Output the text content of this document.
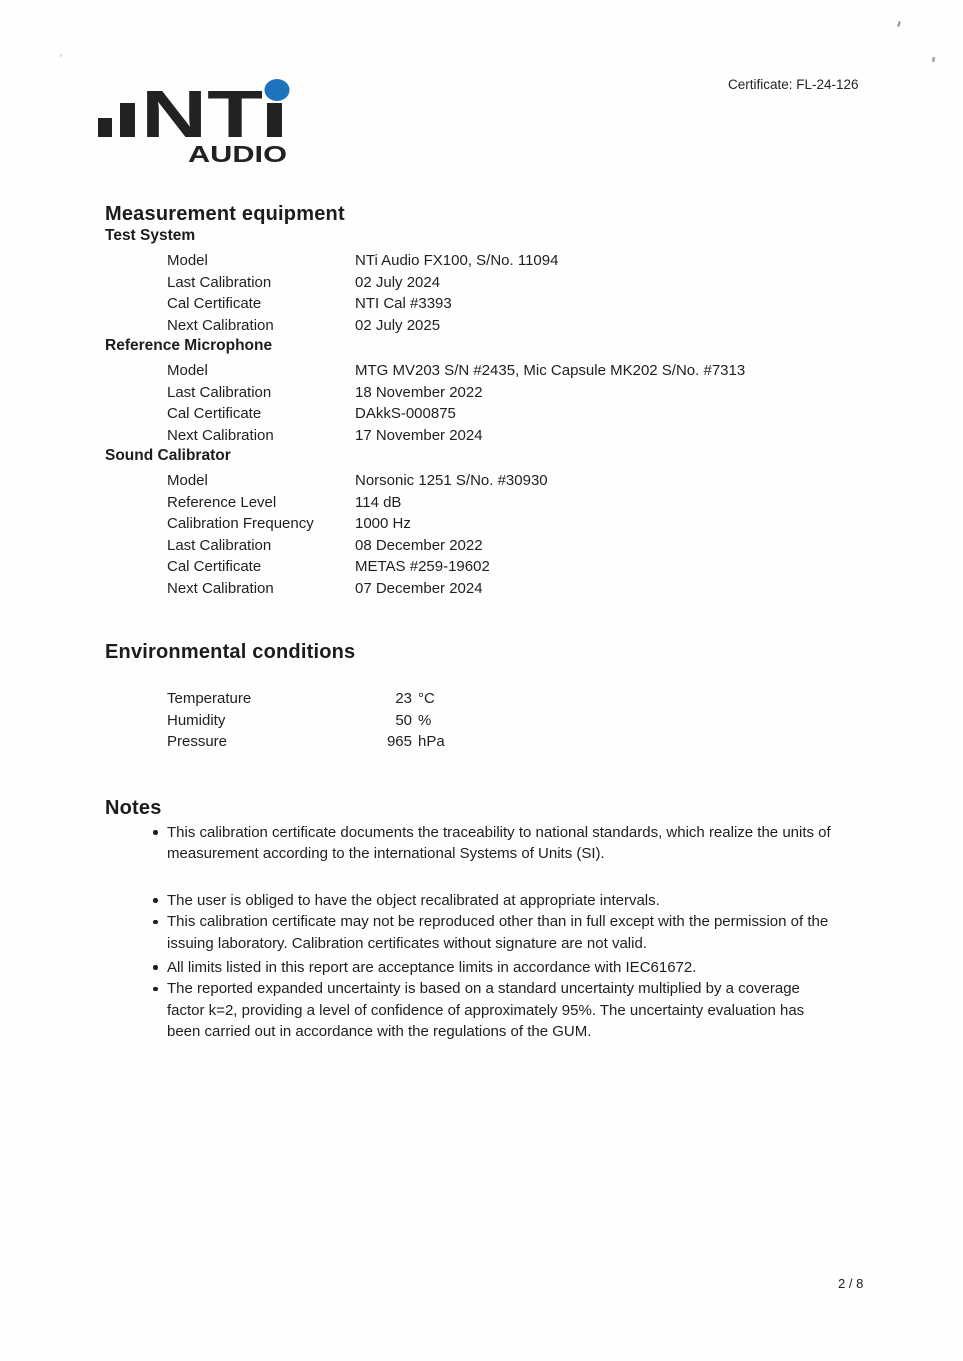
NT
AUDIO
Certificate: FL-24-126
Measurement equipment
Test System
Model	NTi Audio FX100, S/No. 11094
Last Calibration	02 July 2024
Cal Certificate	NTI Cal #3393
Next Calibration	02 July 2025
Reference Microphone
Model	MTG MV203 S/N #2435, Mic Capsule MK202 S/No. #7313
Last Calibration	18 November 2022
Cal Certificate	DAkkS-000875
Next Calibration	17 November 2024
Sound Calibrator
Model	Norsonic 1251 S/No. #30930
Reference Level	114 dB
Calibration Frequency	1000 Hz
Last Calibration	08 December 2022
Cal Certificate	METAS #259-19602
Next Calibration	07 December 2024
Environmental conditions
Temperature	23 °C
Humidity	50 %
Pressure	965 hPa
Notes
This calibration certificate documents the traceability to national standards, which realize the units of measurement according to the international Systems of Units (SI).
The user is obliged to have the object recalibrated at appropriate intervals.
This calibration certificate may not be reproduced other than in full except with the permission of the issuing laboratory. Calibration certificates without signature are not valid.
All limits listed in this report are acceptance limits in accordance with IEC61672.
The reported expanded uncertainty is based on a standard uncertainty multiplied by a coverage factor k=2, providing a level of confidence of approximately 95%. The uncertainty evaluation has been carried out in accordance with the regulations of the GUM.
2 / 8
